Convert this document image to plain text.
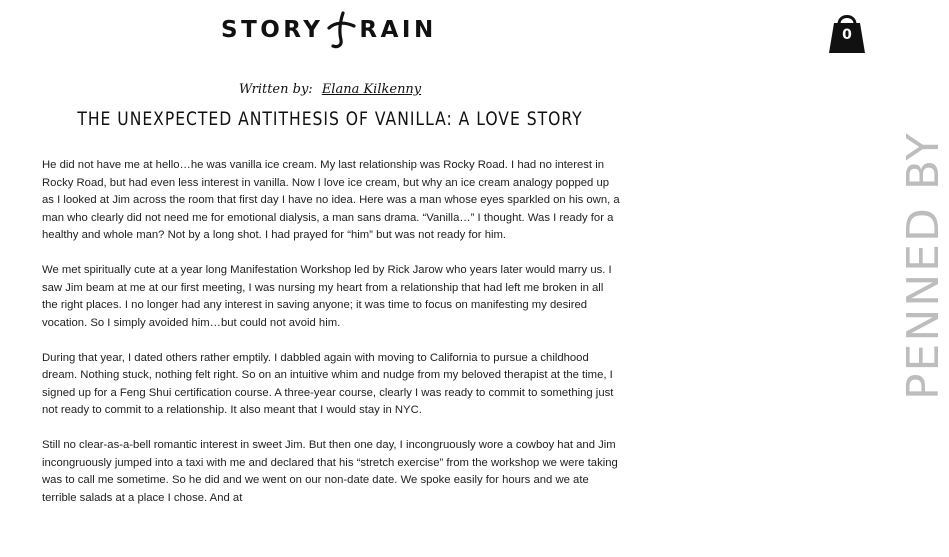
STORY RAIN	0
Written by: Elana Kilkenny
THE UNEXPECTED ANTITHESIS OF VANILLA: A LOVE STORY

He did not have me at hello…he was vanilla ice cream. My last relationship was Rocky Road. I had no interest in Rocky Road, but had even less interest in vanilla. Now I love ice cream, but why an ice cream analogy popped up as I looked at Jim across the room that first day I have no idea. Here was a man whose eyes sparkled on his own, a man who clearly did not need me for emotional dialysis, a man sans drama. “Vanilla…” I thought. Was I ready for a healthy and whole man? Not by a long shot. I had prayed for “him” but was not ready for him.

We met spiritually cute at a year long Manifestation Workshop led by Rick Jarow who years later would marry us. I saw Jim beam at me at our first meeting, I was nursing my heart from a relationship that had left me broken in all the right places. I no longer had any interest in saving anyone; it was time to focus on manifesting my desired vocation. So I simply avoided him…but could not avoid him.

During that year, I dated others rather emptily. I dabbled again with moving to California to pursue a childhood dream. Nothing stuck, nothing felt right. So on an intuitive whim and nudge from my beloved therapist at the time, I signed up for a Feng Shui certification course. A three-year course, clearly I was ready to commit to something just not ready to commit to a relationship. It also meant that I would stay in NYC.

Still no clear-as-a-bell romantic interest in sweet Jim. But then one day, I incongruously wore a cowboy hat and Jim incongruously jumped into a taxi with me and declared that his “stretch exercise” from the workshop we were taking was to call me sometime. So he did and we went on our non-date date. We spoke easily for hours and we ate terrible salads at a place I chose. And at

PENNED BY
